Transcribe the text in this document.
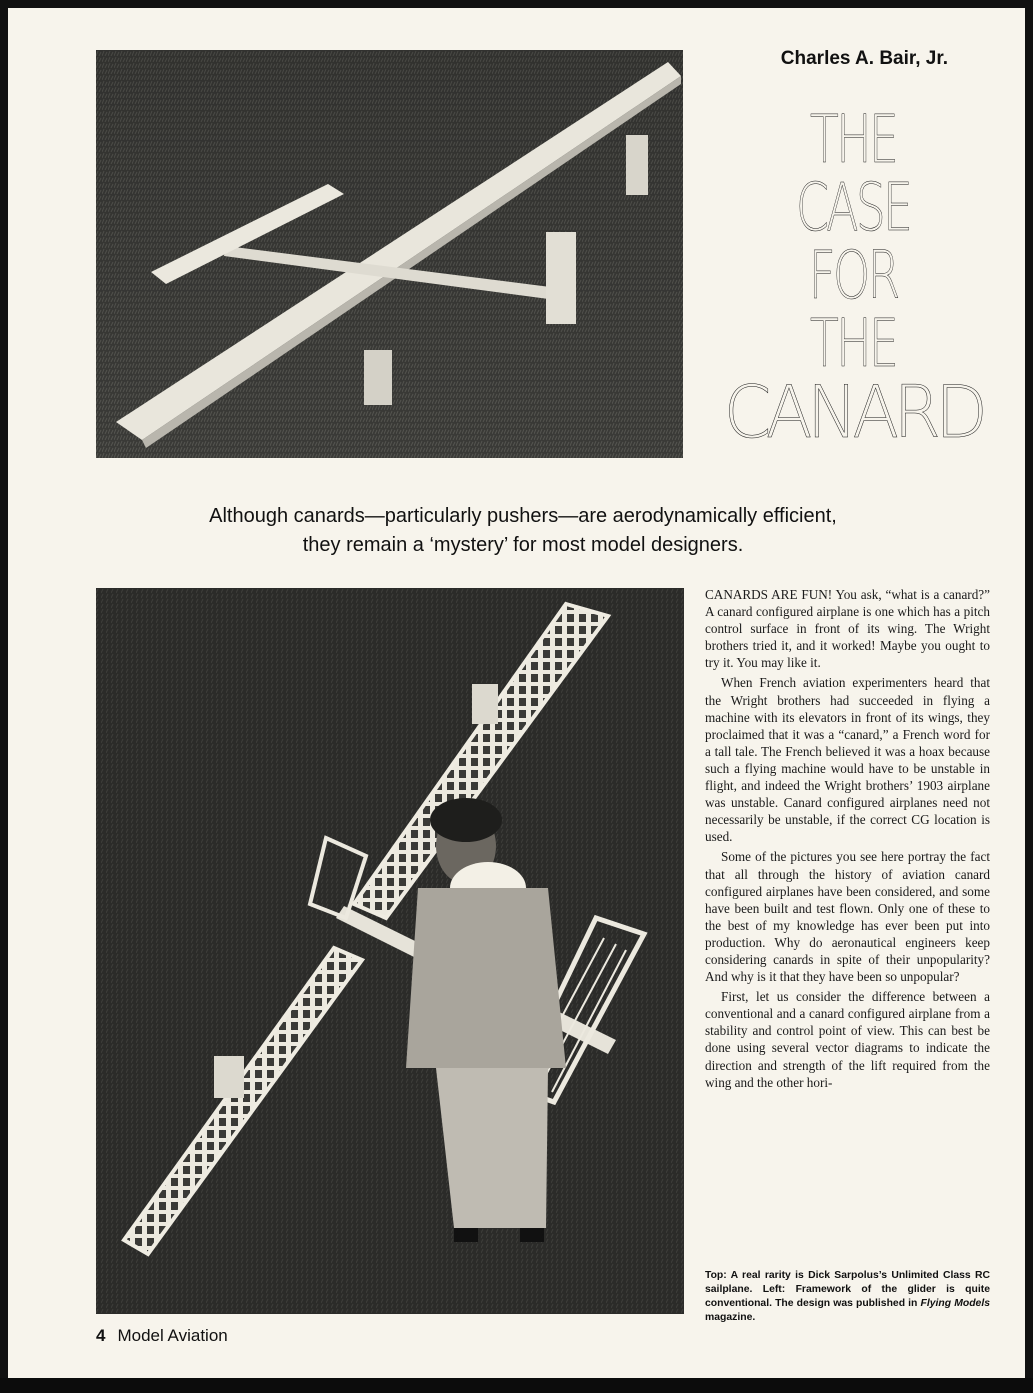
Charles A. Bair, Jr.
THE
CASE
FOR
THE
CANARD
Although canards—particularly pushers—are aerodynamically efficient, they remain a ‘mystery’ for most model designers.

CANARDS ARE FUN! You ask, “what is a canard?” A canard configured airplane is one which has a pitch control surface in front of its wing. The Wright brothers tried it, and it worked! Maybe you ought to try it. You may like it.

When French aviation experimenters heard that the Wright brothers had succeeded in flying a machine with its elevators in front of its wings, they proclaimed that it was a “canard,” a French word for a tall tale. The French believed it was a hoax because such a flying machine would have to be unstable in flight, and indeed the Wright brothers’ 1903 airplane was unstable. Canard configured airplanes need not necessarily be unstable, if the correct CG location is used.

Some of the pictures you see here portray the fact that all through the history of aviation canard configured airplanes have been considered, and some have been built and test flown. Only one of these to the best of my knowledge has ever been put into production. Why do aeronautical engineers keep considering canards in spite of their unpopularity? And why is it that they have been so unpopular?

First, let us consider the difference between a conventional and a canard configured airplane from a stability and control point of view. This can best be done using several vector diagrams to indicate the direction and strength of the lift required from the wing and the other hori-

Top: A real rarity is Dick Sarpolus’s Unlimited Class RC sailplane. Left: Framework of the glider is quite conventional. The design was published in Flying Models magazine.
4 Model Aviation
